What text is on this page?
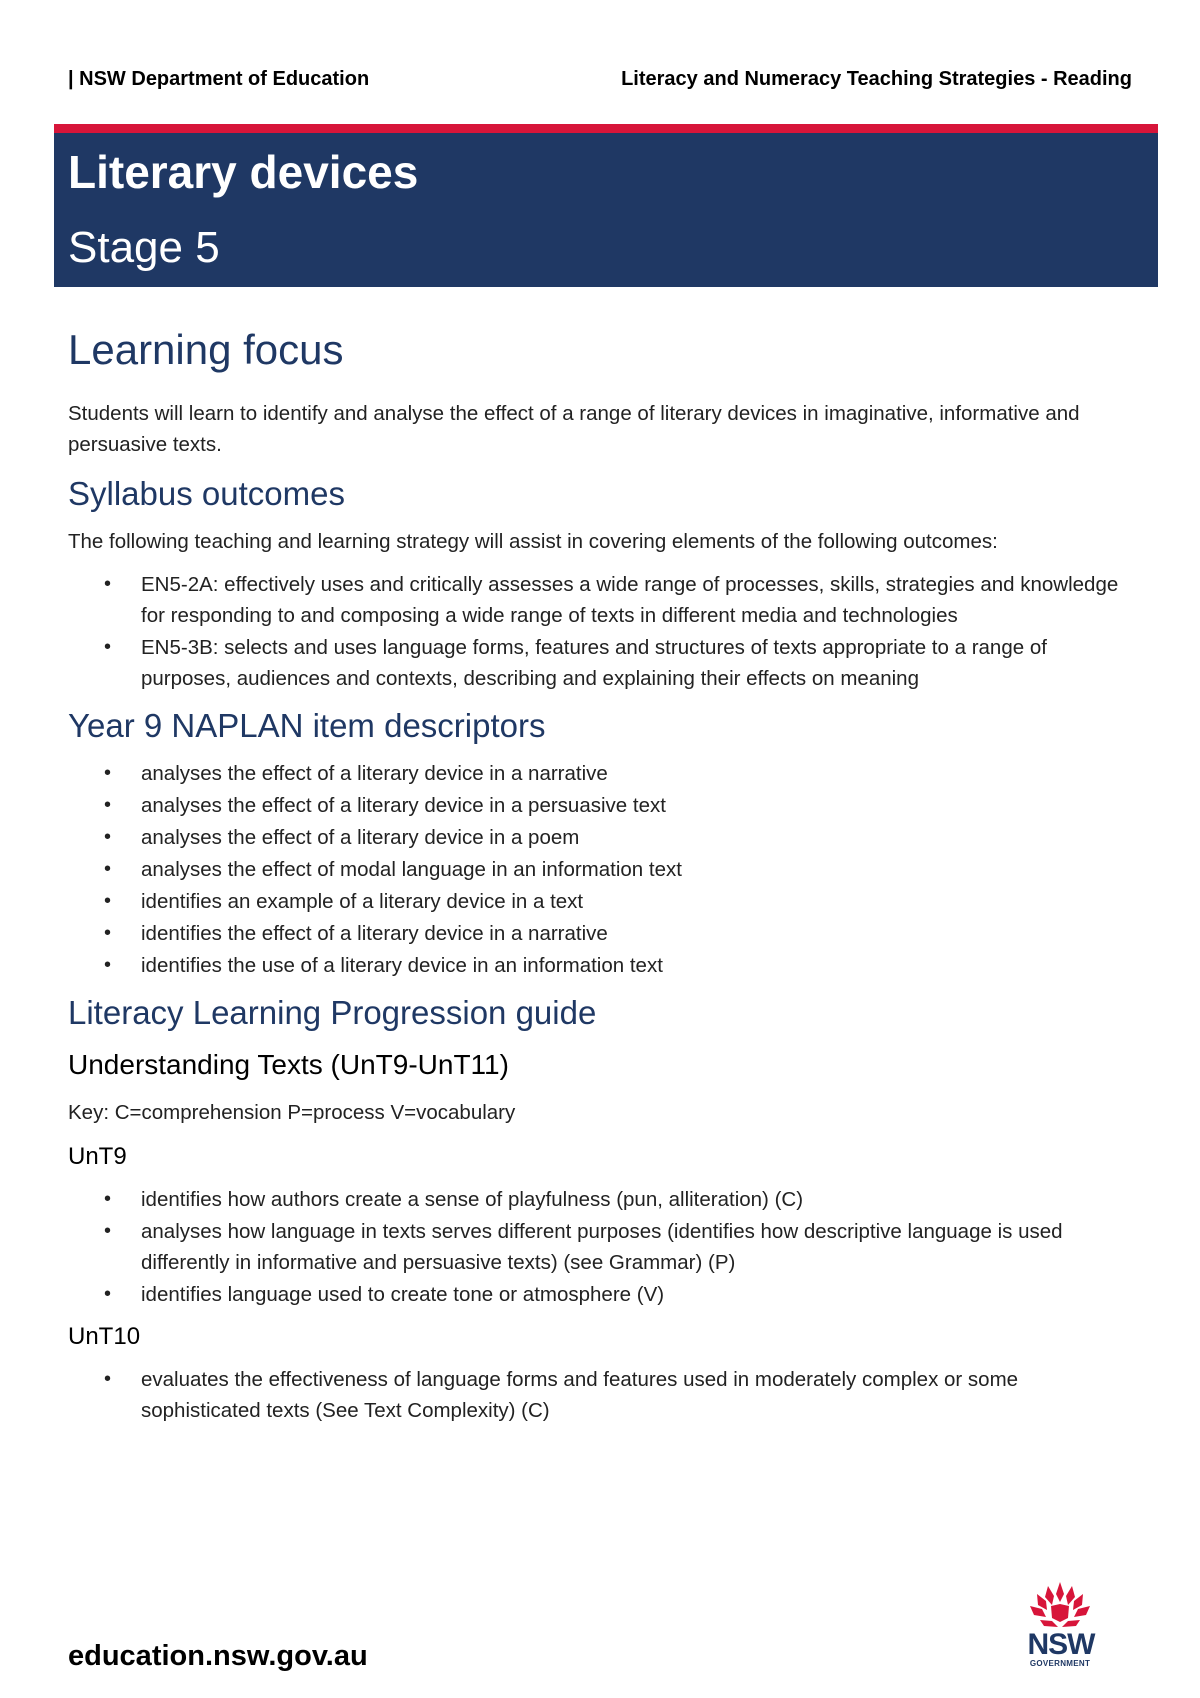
| NSW Department of Education	Literacy and Numeracy Teaching Strategies - Reading
Literary devices
Stage 5
Learning focus

Students will learn to identify and analyse the effect of a range of literary devices in imaginative, informative and persuasive texts.

Syllabus outcomes

The following teaching and learning strategy will assist in covering elements of the following outcomes:

• EN5-2A: effectively uses and critically assesses a wide range of processes, skills, strategies and knowledge for responding to and composing a wide range of texts in different media and technologies
• EN5-3B: selects and uses language forms, features and structures of texts appropriate to a range of purposes, audiences and contexts, describing and explaining their effects on meaning
Year 9 NAPLAN item descriptors
• analyses the effect of a literary device in a narrative
• analyses the effect of a literary device in a persuasive text
• analyses the effect of a literary device in a poem
• analyses the effect of modal language in an information text
• identifies an example of a literary device in a text
• identifies the effect of a literary device in a narrative
• identifies the use of a literary device in an information text
Literacy Learning Progression guide
Understanding Texts (UnT9-UnT11)

Key: C=comprehension P=process V=vocabulary

UnT9
• identifies how authors create a sense of playfulness (pun, alliteration) (C)
• analyses how language in texts serves different purposes (identifies how descriptive language is used differently in informative and persuasive texts) (see Grammar) (P)
• identifies language used to create tone or atmosphere (V)
UnT10
• evaluates the effectiveness of language forms and features used in moderately complex or some sophisticated texts (See Text Complexity) (C)
education.nsw.gov.au	NSW
GOVERNMENT
